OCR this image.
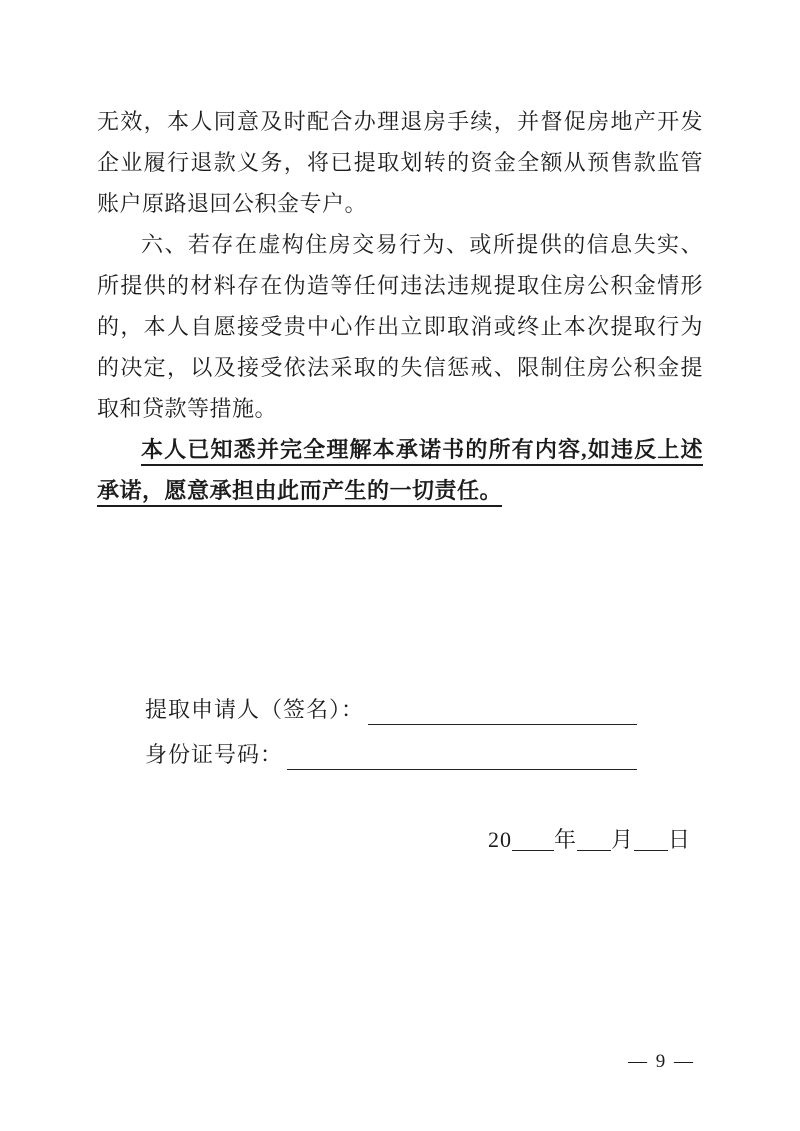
无效，本人同意及时配合办理退房手续，并督促房地产开发企业履行退款义务，将已提取划转的资金全额从预售款监管账户原路退回公积金专户。

六、若存在虚构住房交易行为、或所提供的信息失实、所提供的材料存在伪造等任何违法违规提取住房公积金情形的，本人自愿接受贵中心作出立即取消或终止本次提取行为的决定，以及接受依法采取的失信惩戒、限制住房公积金提取和贷款等措施。

本人已知悉并完全理解本承诺书的所有内容,如违反上述承诺，愿意承担由此而产生的一切责任。

提取申请人（签名）：
身份证号码：
20 年 月 日
— 9 —
